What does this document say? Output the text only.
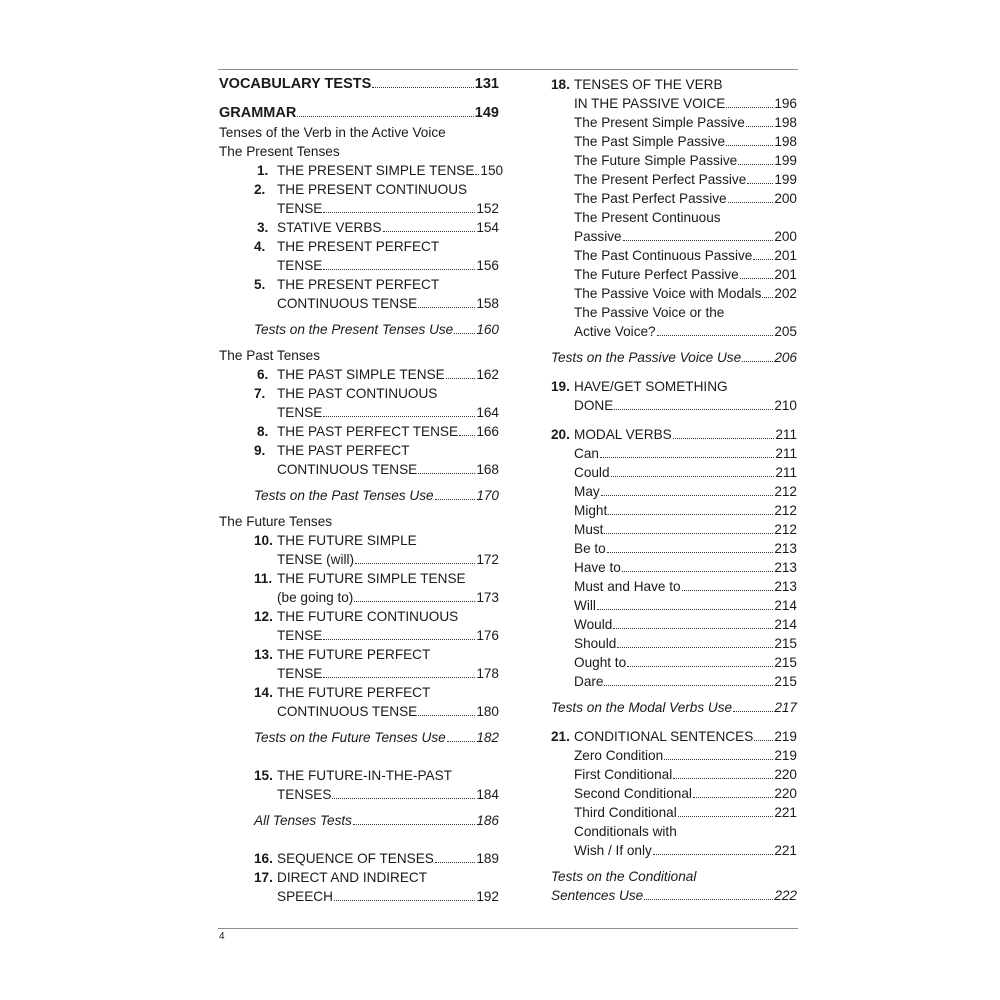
VOCABULARY TESTS	131
GRAMMAR	149
Tenses of the Verb in the Active Voice
The Present Tenses
1. THE PRESENT SIMPLE TENSE 150
2. THE PRESENT CONTINUOUS
TENSE	152
3. STATIVE VERBS	154
4. THE PRESENT PERFECT
TENSE	156
5. THE PRESENT PERFECT
CONTINUOUS TENSE	158
Tests on the Present Tenses Use 160
The Past Tenses
6. THE PAST SIMPLE TENSE 162
7. THE PAST CONTINUOUS
TENSE	164
8. THE PAST PERFECT TENSE 166
9. THE PAST PERFECT
CONTINUOUS TENSE	168
Tests on the Past Tenses Use	170
The Future Tenses
10. THE FUTURE SIMPLE
TENSE (will)	172
11. THE FUTURE SIMPLE TENSE
(be going to)	173
12. THE FUTURE CONTINUOUS
TENSE	176
13. THE FUTURE PERFECT
TENSE	178
14. THE FUTURE PERFECT
CONTINUOUS TENSE	180
Tests on the Future Tenses Use 182
15. THE FUTURE-IN-THE-PAST
TENSES	184
All Tenses Tests	186
16. SEQUENCE OF TENSES	189
17. DIRECT AND INDIRECT
SPEECH	192
18. TENSES OF THE VERB
IN THE PASSIVE VOICE	196
The Present Simple Passive 198
The Past Simple Passive	198
The Future Simple Passive	199
The Present Perfect Passive 199
The Past Perfect Passive	200
The Present Continuous
Passive	200
The Past Continuous Passive 201
The Future Perfect Passive	201
The Passive Voice with Modals 202
The Passive Voice or the
Active Voice?	205
Tests on the Passive Voice Use 206
19. HAVE/GET SOMETHING
DONE	210
20. MODAL VERBS	211
Can	211
Could	211
May	212
Might	212
Must	212
Be to	213
Have to	213
Must and Have to	213
Will	214
Would	214
Should	215
Ought to	215
Dare	215
Tests on the Modal Verbs Use	217
21. CONDITIONAL SENTENCES 219
Zero Condition	219
First Conditional	220
Second Conditional	220
Third Conditional	221
Conditionals with
Wish / If only	221
Tests on the Conditional
Sentences Use	222
4
